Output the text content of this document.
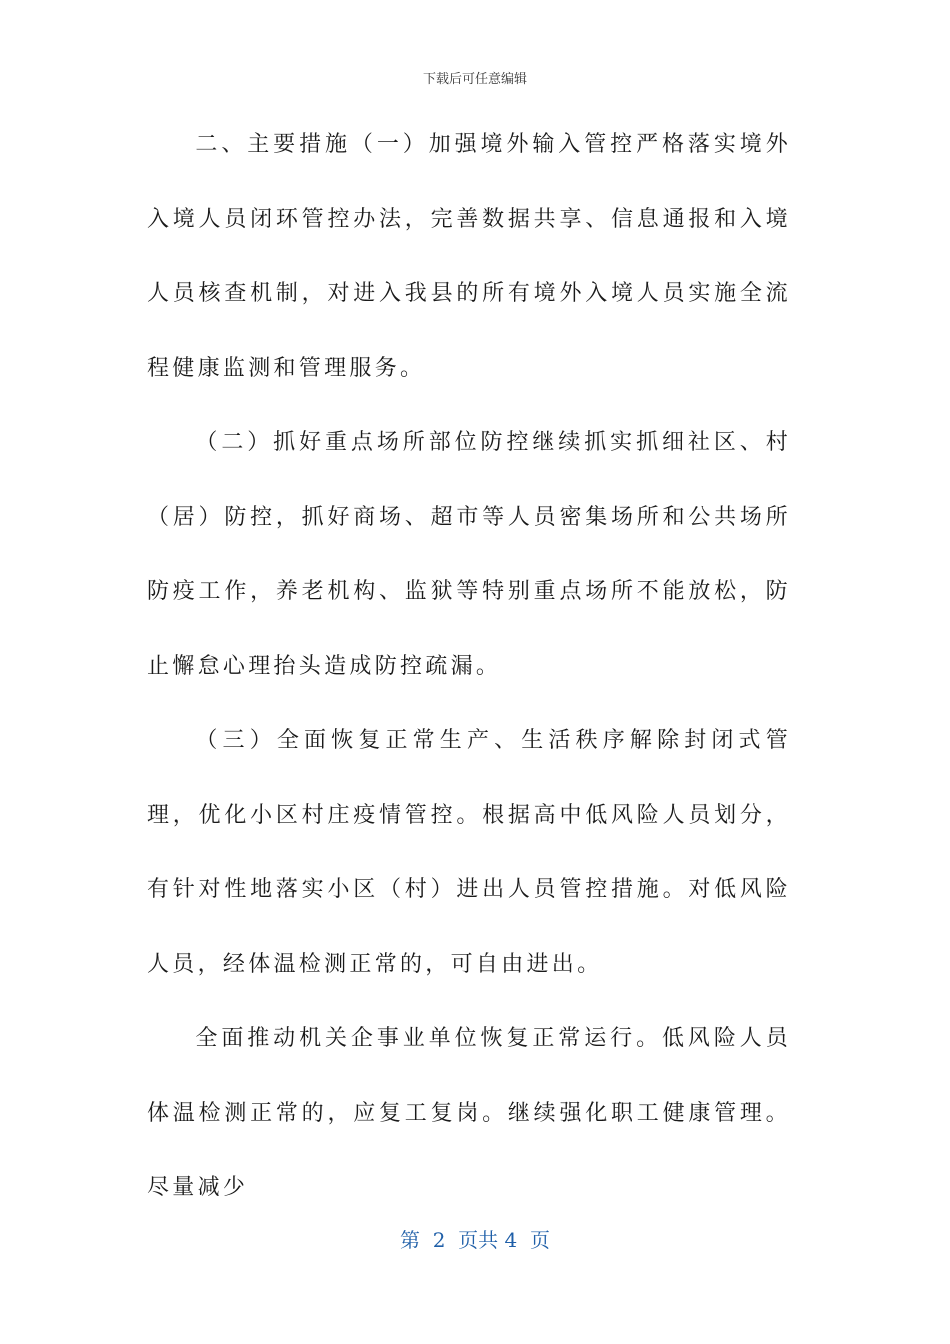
下载后可任意编辑

二、主要措施（一）加强境外输入管控严格落实境外入境人员闭环管控办法，完善数据共享、信息通报和入境人员核查机制，对进入我县的所有境外入境人员实施全流程健康监测和管理服务。

（二）抓好重点场所部位防控继续抓实抓细社区、村（居）防控，抓好商场、超市等人员密集场所和公共场所防疫工作，养老机构、监狱等特别重点场所不能放松，防止懈怠心理抬头造成防控疏漏。

（三）全面恢复正常生产、生活秩序解除封闭式管理，优化小区村庄疫情管控。根据高中低风险人员划分，有针对性地落实小区（村）进出人员管控措施。对低风险人员，经体温检测正常的，可自由进出。

全面推动机关企事业单位恢复正常运行。低风险人员体温检测正常的，应复工复岗。继续强化职工健康管理。尽量减少

第  2  页共 4  页
